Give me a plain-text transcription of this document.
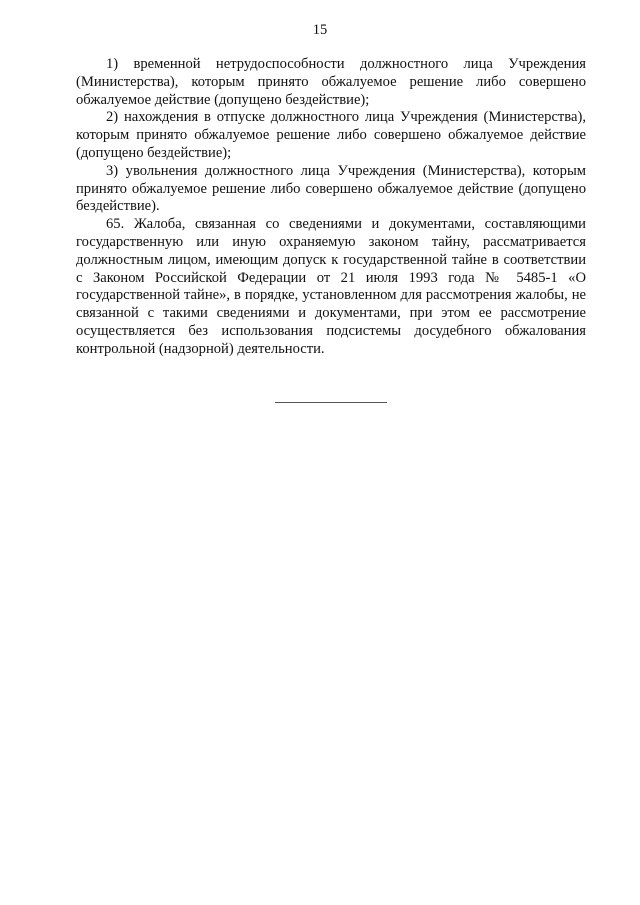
15

1) временной нетрудоспособности должностного лица Учреждения (Министерства), которым принято обжалуемое решение либо совершено обжалуемое действие (допущено бездействие);

2) нахождения в отпуске должностного лица Учреждения (Министерства), которым принято обжалуемое решение либо совершено обжалуемое действие (допущено бездействие);

3) увольнения должностного лица Учреждения (Министерства), которым принято обжалуемое решение либо совершено обжалуемое действие (допущено бездействие).

65. Жалоба, связанная со сведениями и документами, составляющими государственную или иную охраняемую законом тайну, рассматривается должностным лицом, имеющим допуск к государственной тайне в соответствии с Законом Российской Федерации от 21 июля 1993 года № 5485-1 «О государственной тайне», в порядке, установленном для рассмотрения жалобы, не связанной с такими сведениями и документами, при этом ее рассмотрение осуществляется без использования подсистемы досудебного обжалования контрольной (надзорной) деятельности.
